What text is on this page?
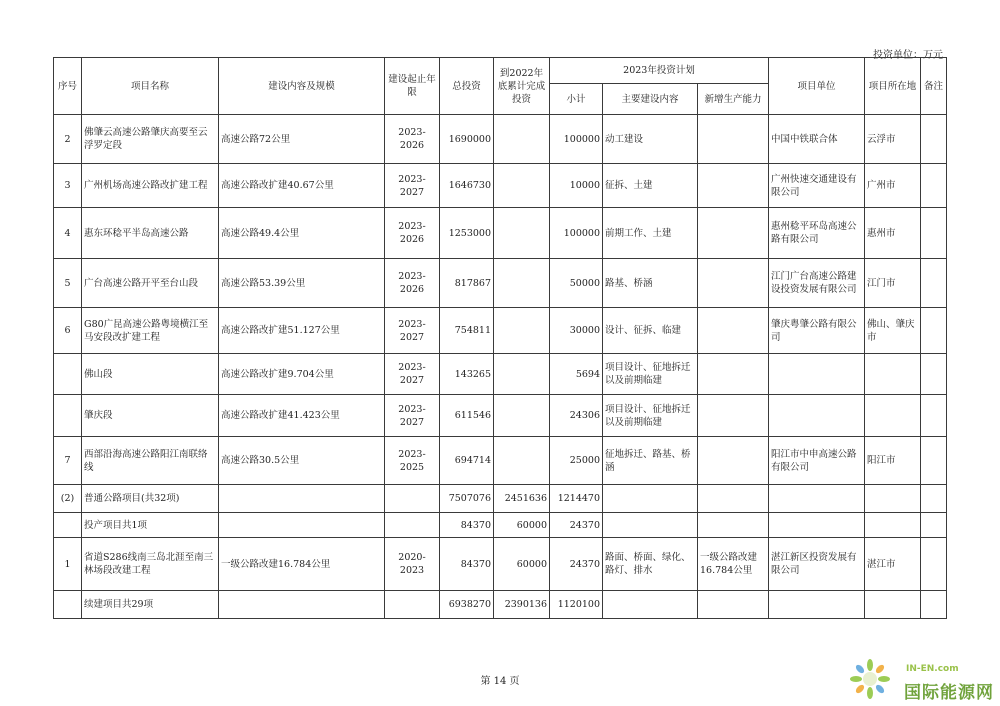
投资单位：万元
序号	项目名称	建设内容及规模	建设起止年限	总投资	到2022年底累计完成投资	2023年投资计划			项目单位	项目所在地	备注
						小计	主要建设内容	新增生产能力			
2	佛肇云高速公路肇庆高要至云浮罗定段	高速公路72公里	2023-2026	1690000		100000	动工建设		中国中铁联合体	云浮市	
3	广州机场高速公路改扩建工程	高速公路改扩建40.67公里	2023-2027	1646730		10000	征拆、土建		广州快速交通建设有限公司	广州市	
4	惠东环稔平半岛高速公路	高速公路49.4公里	2023-2026	1253000		100000	前期工作、土建		惠州稔平环岛高速公路有限公司	惠州市	
5	广台高速公路开平至台山段	高速公路53.39公里	2023-2026	817867		50000	路基、桥涵		江门广台高速公路建设投资发展有限公司	江门市	
6	G80广昆高速公路粤境横江至马安段改扩建工程	高速公路改扩建51.127公里	2023-2027	754811		30000	设计、征拆、临建		肇庆粤肇公路有限公司	佛山、肇庆市	
	佛山段	高速公路改扩建9.704公里	2023-2027	143265		5694	项目设计、征地拆迁以及前期临建				
	肇庆段	高速公路改扩建41.423公里	2023-2027	611546		24306	项目设计、征地拆迁以及前期临建				
7	西部沿海高速公路阳江南联络线	高速公路30.5公里	2023-2025	694714		25000	征地拆迁、路基、桥涵		阳江市中申高速公路有限公司	阳江市	
(2)	普通公路项目(共32项)			7507076	2451636	1214470					
	投产项目共1项			84370	60000	24370					
1	省道S286线南三岛北涯至南三林场段改建工程	一级公路改建16.784公里	2020-2023	84370	60000	24370	路面、桥面、绿化、路灯、排水	一级公路改建16.784公里	湛江新区投资发展有限公司	湛江市	
	续建项目共29项			6938270	2390136	1120100					
第 14 页
IN-EN.com
国际能源网
